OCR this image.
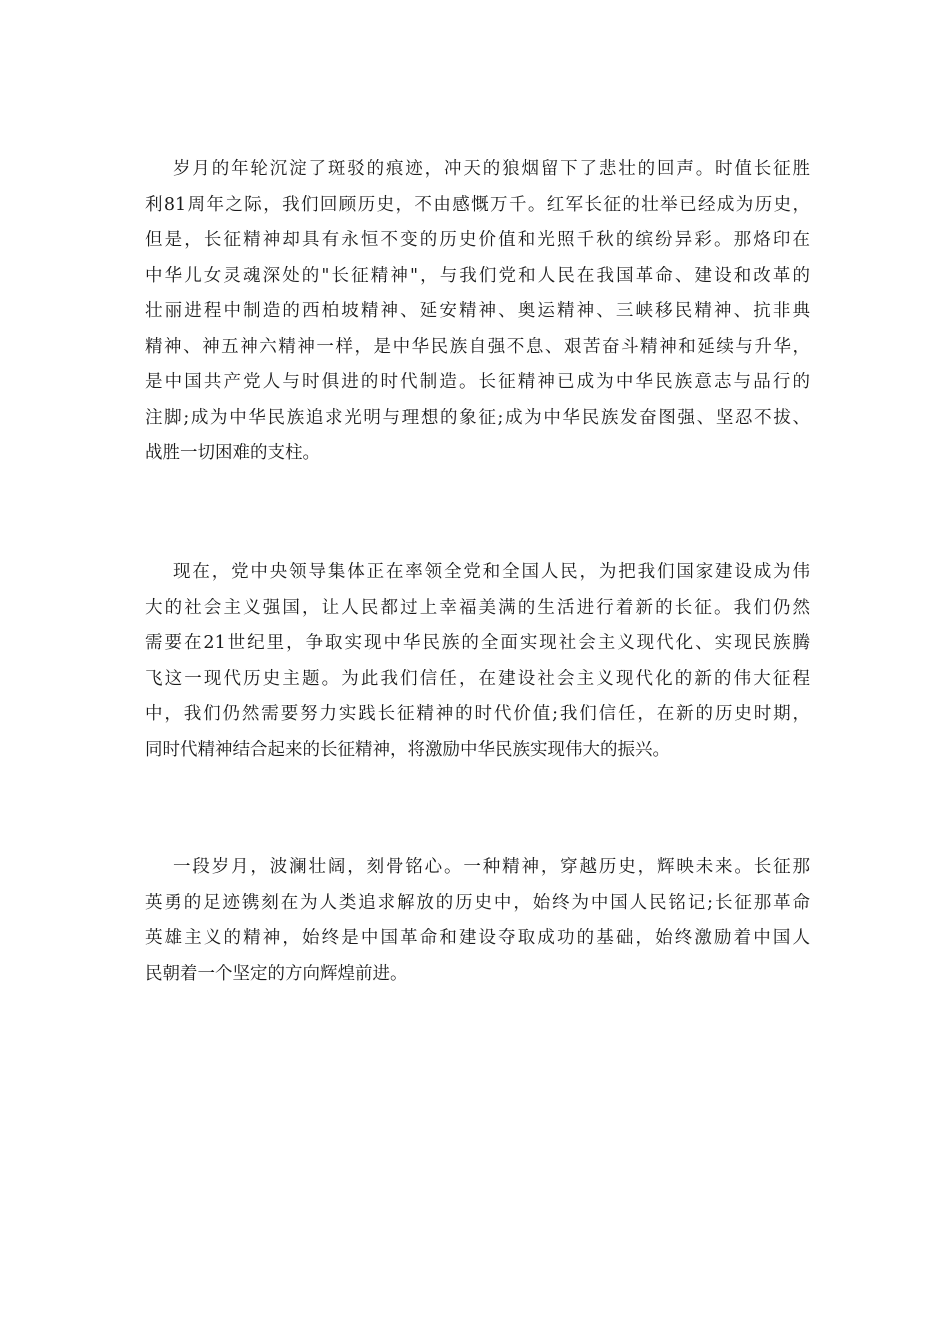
岁月的年轮沉淀了斑驳的痕迹，冲天的狼烟留下了悲壮的回声。时值长征胜
利81周年之际，我们回顾历史，不由感慨万千。红军长征的壮举已经成为历史，
但是，长征精神却具有永恒不变的历史价值和光照千秋的缤纷异彩。那烙印在
中华儿女灵魂深处的"长征精神"，与我们党和人民在我国革命、建设和改革的
壮丽进程中制造的西柏坡精神、延安精神、奥运精神、三峡移民精神、抗非典
精神、神五神六精神一样，是中华民族自强不息、艰苦奋斗精神和延续与升华，
是中国共产党人与时俱进的时代制造。长征精神已成为中华民族意志与品行的
注脚;成为中华民族追求光明与理想的象征;成为中华民族发奋图强、坚忍不拔、
战胜一切困难的支柱。
现在，党中央领导集体正在率领全党和全国人民，为把我们国家建设成为伟
大的社会主义强国，让人民都过上幸福美满的生活进行着新的长征。我们仍然
需要在21世纪里，争取实现中华民族的全面实现社会主义现代化、实现民族腾
飞这一现代历史主题。为此我们信任，在建设社会主义现代化的新的伟大征程
中，我们仍然需要努力实践长征精神的时代价值;我们信任，在新的历史时期，
同时代精神结合起来的长征精神，将激励中华民族实现伟大的振兴。
一段岁月，波澜壮阔，刻骨铭心。一种精神，穿越历史，辉映未来。长征那
英勇的足迹镌刻在为人类追求解放的历史中，始终为中国人民铭记;长征那革命
英雄主义的精神，始终是中国革命和建设夺取成功的基础，始终激励着中国人
民朝着一个坚定的方向辉煌前进。
